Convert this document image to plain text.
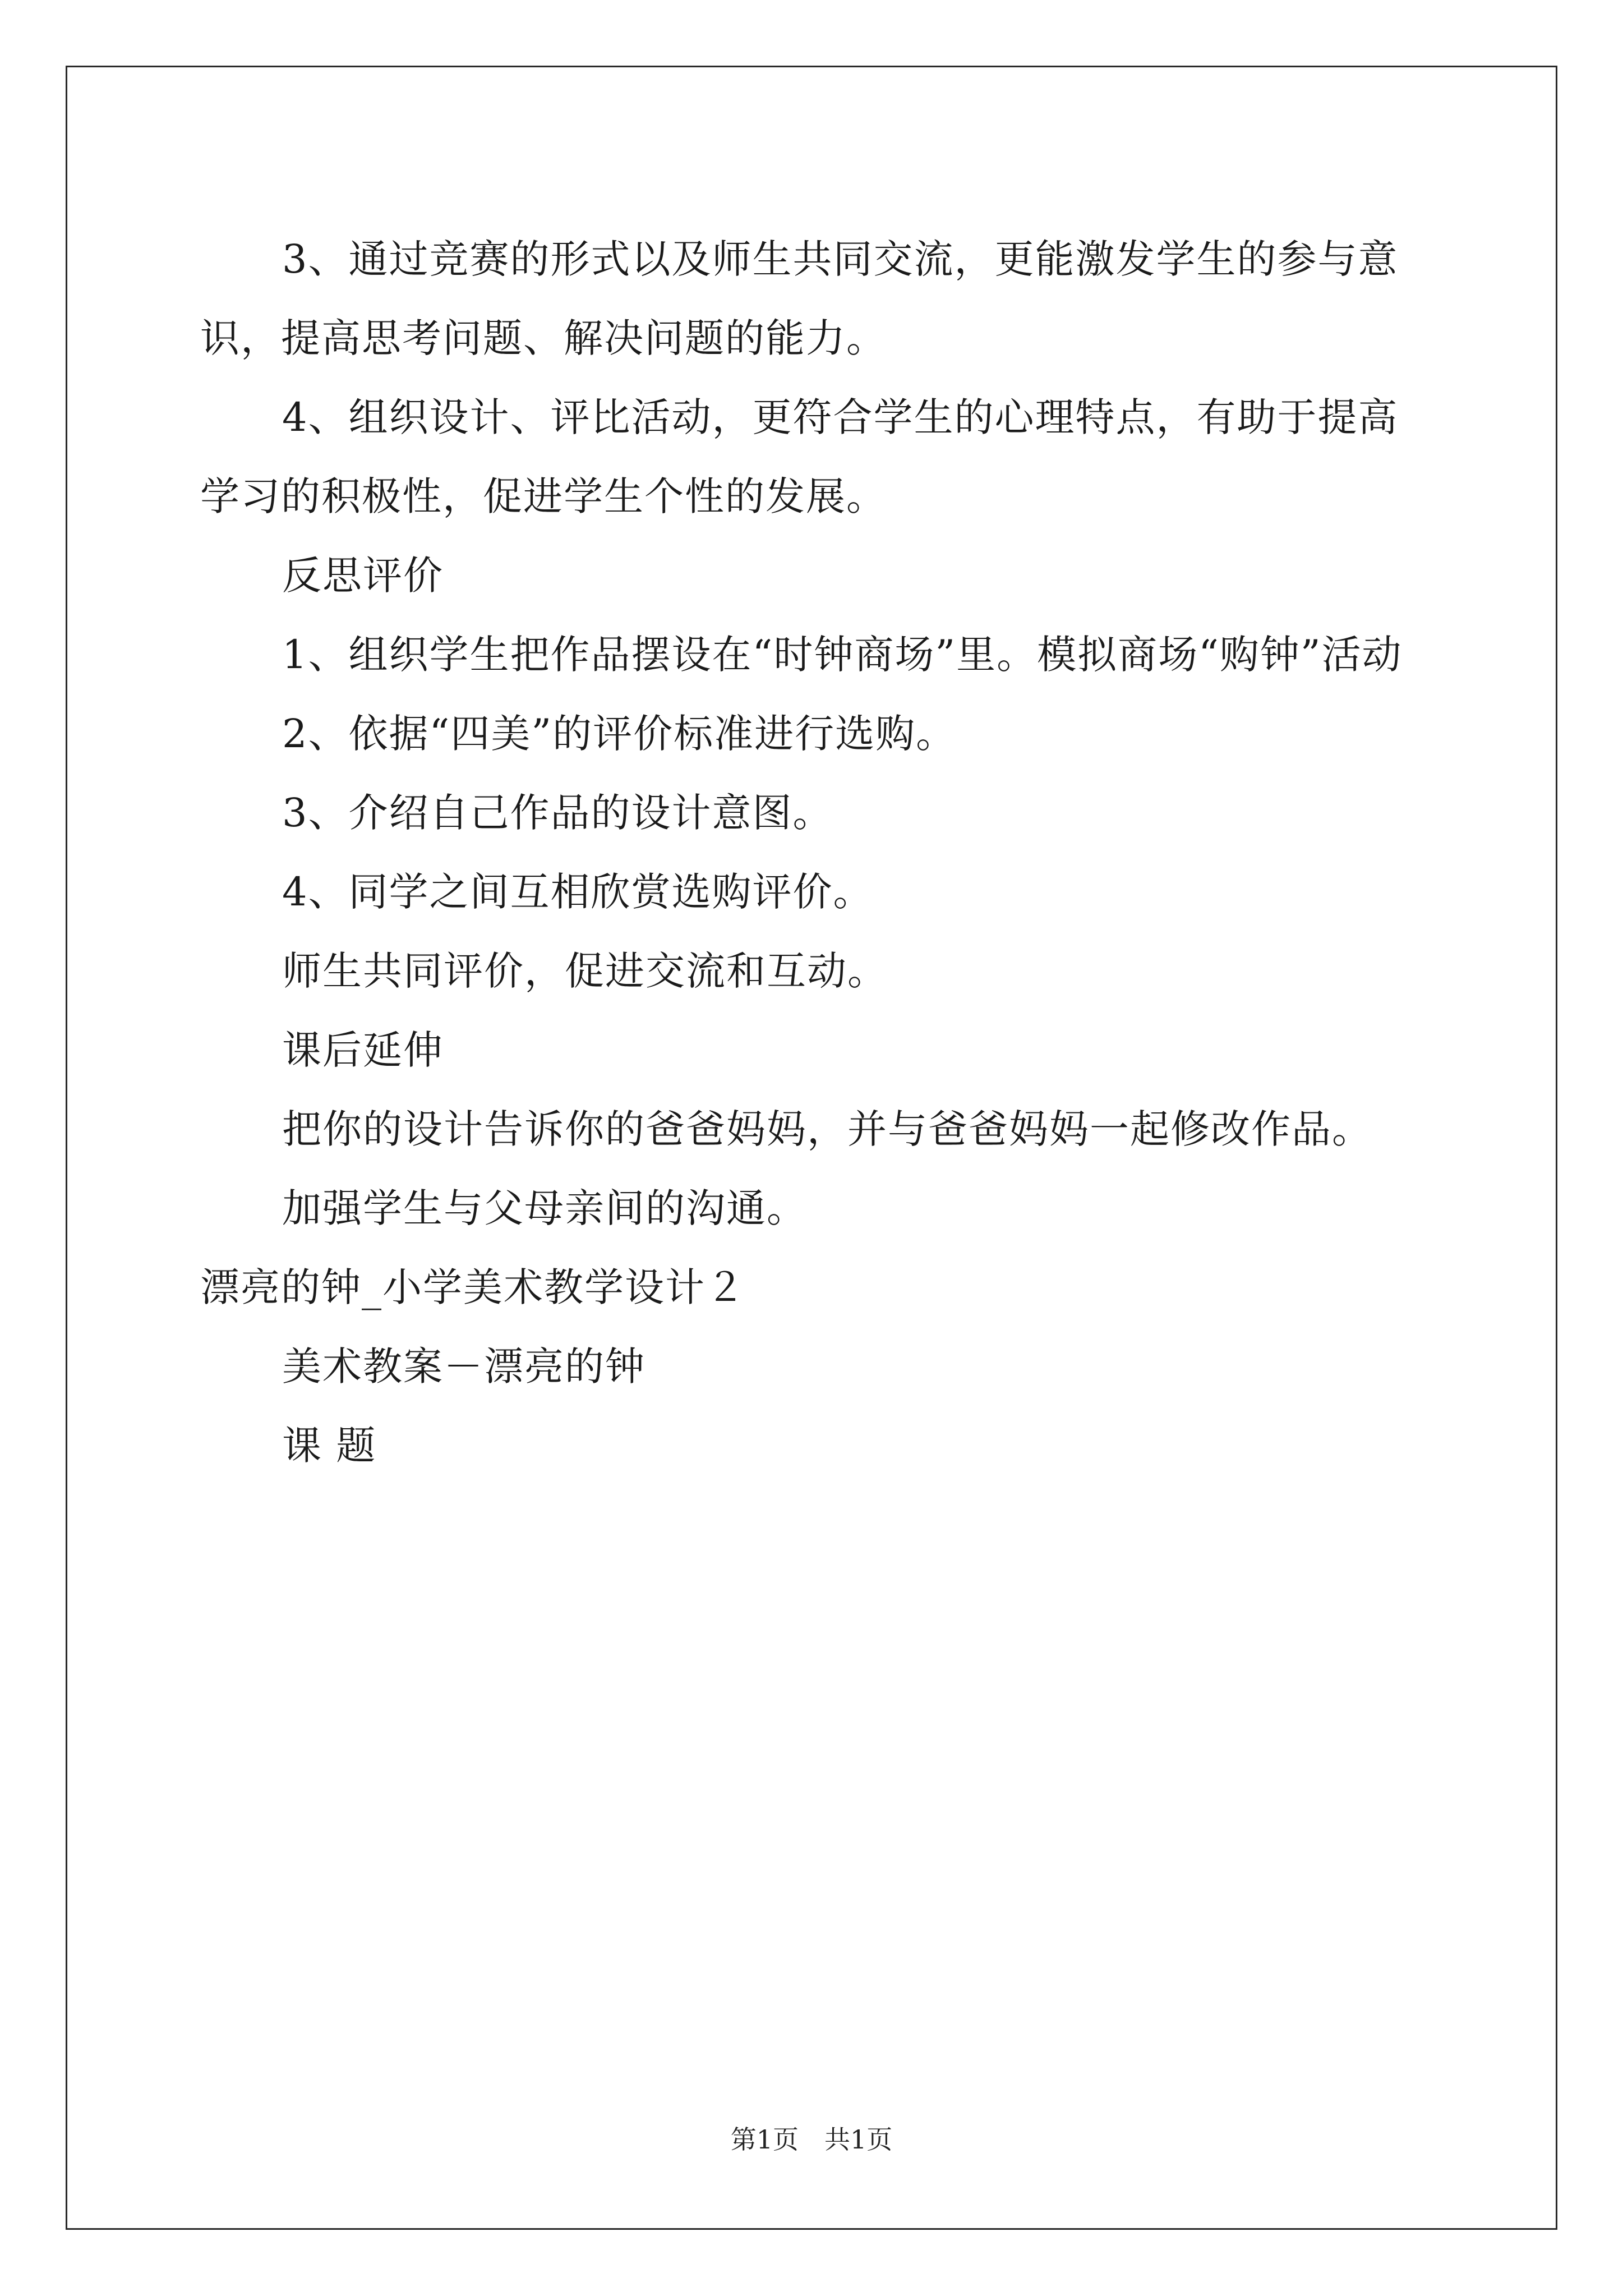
3、通过竞赛的形式以及师生共同交流，更能激发学生的参与意识，提高思考问题、解决问题的能力。

4、组织设计、评比活动，更符合学生的心理特点，有助于提高学习的积极性，促进学生个性的发展。

反思评价

1、组织学生把作品摆设在“时钟商场”里。模拟商场“购钟”活动

2、依据“四美”的评价标准进行选购。

3、介绍自己作品的设计意图。

4、同学之间互相欣赏选购评价。

师生共同评价，促进交流和互动。

课后延伸

把你的设计告诉你的爸爸妈妈，并与爸爸妈妈一起修改作品。

加强学生与父母亲间的沟通。

漂亮的钟_小学美术教学设计２

美术教案－漂亮的钟

课 题

第1页 共1页
